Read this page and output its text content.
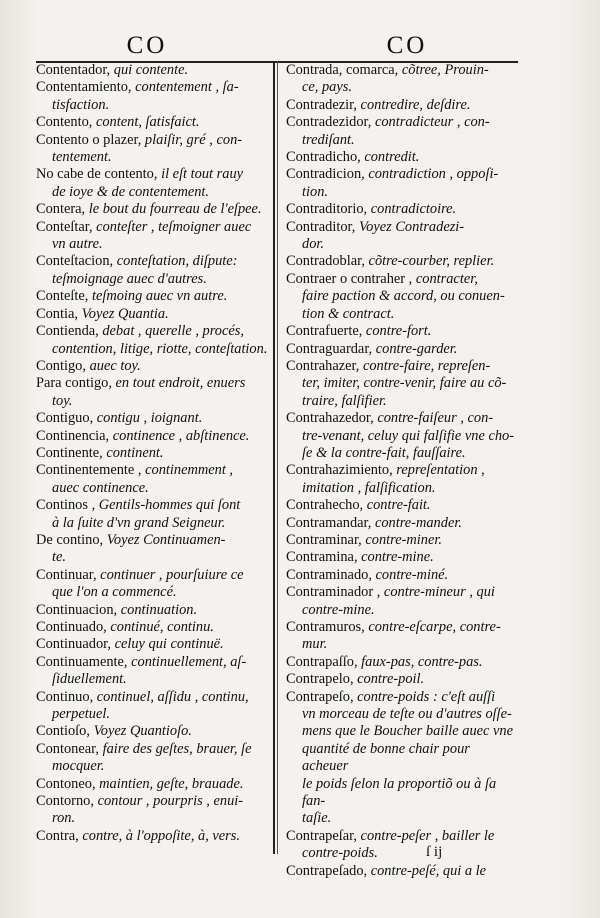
CO	CO
Contentador, qui contente.
Contentamiento, contentement , ſa-
tisfaction.
Contento, content, ſatisfaict.
Contento o plazer, plaiſir, gré , con-
tentement.
No cabe de contento, il eſt tout rauy
de ioye & de contentement.
Contera, le bout du fourreau de l'eſpee.
Conteſtar, conteſter , teſmoigner auec
vn autre.
Conteſtacion, conteſtation, diſpute:
teſmoignage auec d'autres.
Conteſte, teſmoing auec vn autre.
Contia, Voyez Quantia.
Contienda, debat , querelle , procés,
contention, litige, riotte, conteſtation.
Contigo, auec toy.
Para contigo, en tout endroit, enuers
toy.
Contiguo, contigu , ioignant.
Continencia, continence , abſtinence.
Continente, continent.
Continentemente , continemment ,
auec continence.
Continos , Gentils-hommes qui ſont
à la ſuite d'vn grand Seigneur.
De contino, Voyez Continuamen-
te.
Continuar, continuer , pourſuiure ce
que l'on a commencé.
Continuacion, continuation.
Continuado, continué, continu.
Continuador, celuy qui continuë.
Continuamente, continuellement, aſ-
ſiduellement.
Continuo, continuel, aſſidu , continu,
perpetuel.
Contioſo, Voyez Quantioſo.
Contonear, faire des geſtes, brauer, ſe
mocquer.
Contoneo, maintien, geſte, brauade.
Contorno, contour , pourpris , enui-
ron.
Contra, contre, à l'oppoſite, à, vers.
Contrada, comarca, cõtree, Prouin-
ce, pays.
Contradezir, contredire, deſdire.
Contradezidor, contradicteur , con-
trediſant.
Contradicho, contredit.
Contradicion, contradiction , oppoſi-
tion.
Contraditorio, contradictoire.
Contraditor, Voyez Contradezi-
dor.
Contradoblar, cõtre-courber, replier.
Contraer o contraher , contracter,
faire paction & accord, ou conuen-
tion & contract.
Contrafuerte, contre-fort.
Contraguardar, contre-garder.
Contrahazer, contre-faire, repreſen-
ter, imiter, contre-venir, faire au cõ-
traire, falſifier.
Contrahazedor, contre-faiſeur , con-
tre-venant, celuy qui falſifie vne cho-
ſe & la contre-fait, fauſſaire.
Contrahazimiento, repreſentation ,
imitation , falſification.
Contrahecho, contre-fait.
Contramandar, contre-mander.
Contraminar, contre-miner.
Contramina, contre-mine.
Contraminado, contre-miné.
Contraminador , contre-mineur , qui
contre-mine.
Contramuros, contre-eſcarpe, contre-
mur.
Contrapaſſo, faux-pas, contre-pas.
Contrapelo, contre-poil.
Contrapeſo, contre-poids : c'eſt auſſi
vn morceau de teſte ou d'autres oſſe-
mens que le Boucher baille auec vne
quantité de bonne chair pour acheuer
le poids ſelon la proportiõ ou à ſa fan-
taſie.
Contrapeſar, contre-peſer , bailler le
contre-poids.
Contrapeſado, contre-peſé, qui a le
ſ ij
